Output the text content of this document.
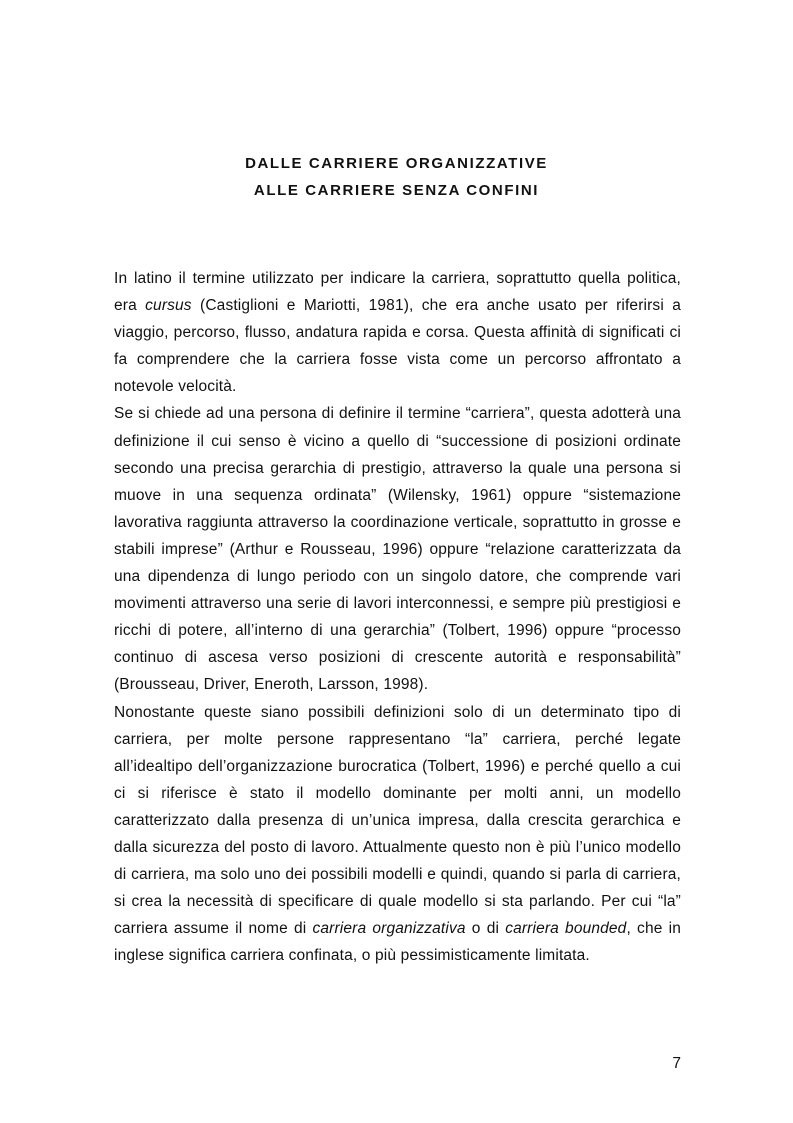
DALLE CARRIERE ORGANIZZATIVE
ALLE CARRIERE SENZA CONFINI

In latino il termine utilizzato per indicare la carriera, soprattutto quella politica, era cursus (Castiglioni e Mariotti, 1981), che era anche usato per riferirsi a viaggio, percorso, flusso, andatura rapida e corsa. Questa affinità di significati ci fa comprendere che la carriera fosse vista come un percorso affrontato a notevole velocità.

Se si chiede ad una persona di definire il termine “carriera”, questa adotterà una definizione il cui senso è vicino a quello di “successione di posizioni ordinate secondo una precisa gerarchia di prestigio, attraverso la quale una persona si muove in una sequenza ordinata” (Wilensky, 1961) oppure “sistemazione lavorativa raggiunta attraverso la coordinazione verticale, soprattutto in grosse e stabili imprese” (Arthur e Rousseau, 1996) oppure “relazione caratterizzata da una dipendenza di lungo periodo con un singolo datore, che comprende vari movimenti attraverso una serie di lavori interconnessi, e sempre più prestigiosi e ricchi di potere, all’interno di una gerarchia” (Tolbert, 1996) oppure “processo continuo di ascesa verso posizioni di crescente autorità e responsabilità” (Brousseau, Driver, Eneroth, Larsson, 1998).

Nonostante queste siano possibili definizioni solo di un determinato tipo di carriera, per molte persone rappresentano “la” carriera, perché legate all’idealtipo dell’organizzazione burocratica (Tolbert, 1996) e perché quello a cui ci si riferisce è stato il modello dominante per molti anni, un modello caratterizzato dalla presenza di un’unica impresa, dalla crescita gerarchica e dalla sicurezza del posto di lavoro. Attualmente questo non è più l’unico modello di carriera, ma solo uno dei possibili modelli e quindi, quando si parla di carriera, si crea la necessità di specificare di quale modello si sta parlando. Per cui “la” carriera assume il nome di carriera organizzativa o di carriera bounded, che in inglese significa carriera confinata, o più pessimisticamente limitata.

7
